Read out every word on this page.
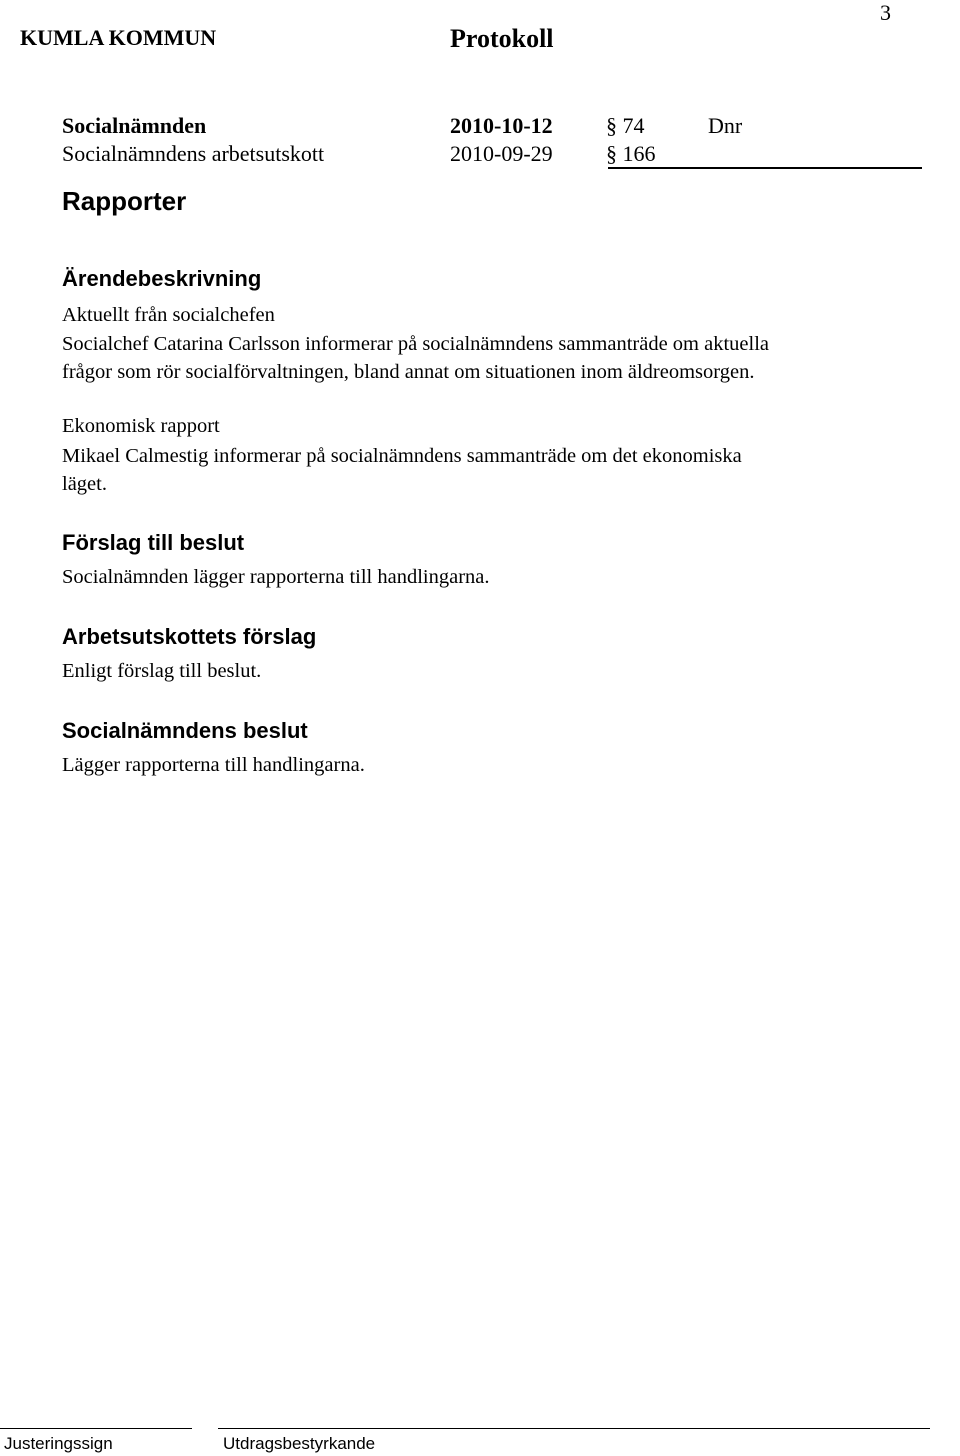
3
KUMLA KOMMUN	Protokoll
Socialnämnden	2010-10-12 § 74	Dnr
Socialnämndens arbetsutskott	2010-09-29 § 166
Rapporter
Ärendebeskrivning
Aktuellt från socialchefen
Socialchef Catarina Carlsson informerar på socialnämndens sammanträde om aktuella
frågor som rör socialförvaltningen, bland annat om situationen inom äldreomsorgen.
Ekonomisk rapport
Mikael Calmestig informerar på socialnämndens sammanträde om det ekonomiska
läget.
Förslag till beslut
Socialnämnden lägger rapporterna till handlingarna.
Arbetsutskottets förslag
Enligt förslag till beslut.
Socialnämndens beslut
Lägger rapporterna till handlingarna.
Justeringssign	Utdragsbestyrkande
